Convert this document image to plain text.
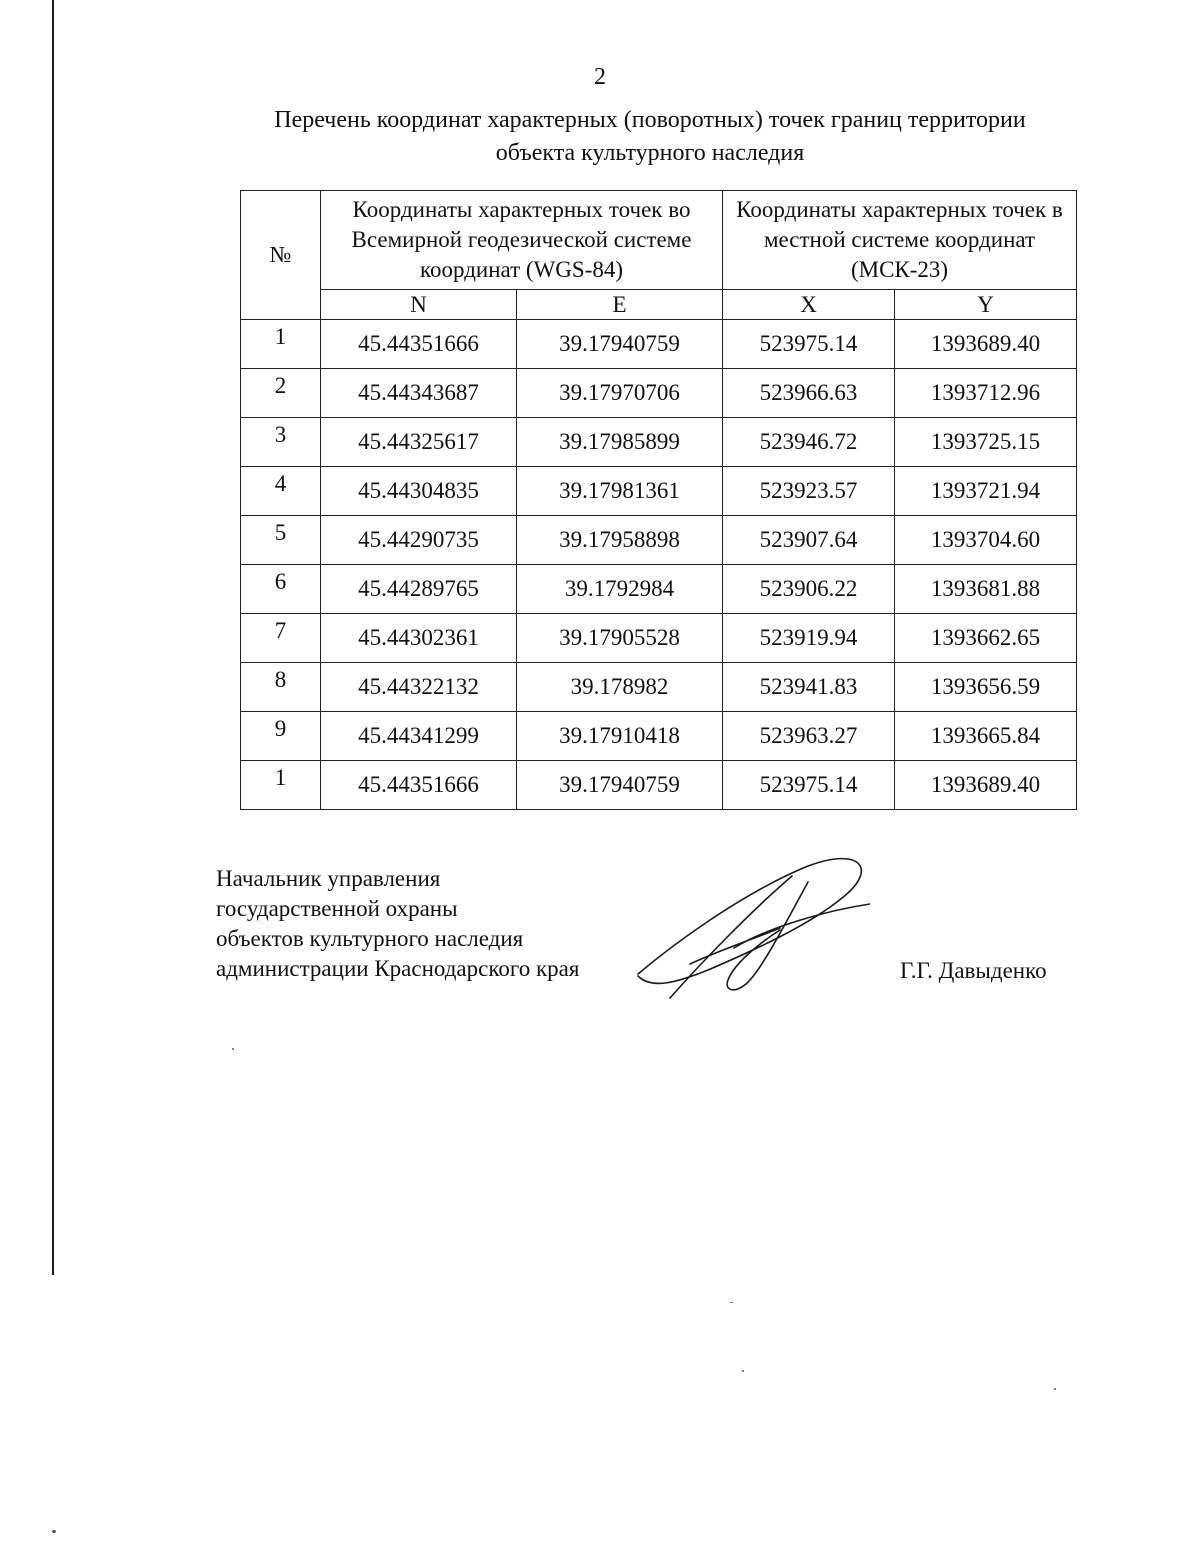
2
Перечень координат характерных (поворотных) точек границ территории
объекта культурного наследия
№	Координаты характерных точек во Всемирной геодезической системе координат (WGS-84)		Координаты характерных точек в местной системе координат (МСК-23)	
	N	E	X	Y
1	45.44351666	39.17940759	523975.14	1393689.40
2	45.44343687	39.17970706	523966.63	1393712.96
3	45.44325617	39.17985899	523946.72	1393725.15
4	45.44304835	39.17981361	523923.57	1393721.94
5	45.44290735	39.17958898	523907.64	1393704.60
6	45.44289765	39.1792984	523906.22	1393681.88
7	45.44302361	39.17905528	523919.94	1393662.65
8	45.44322132	39.178982	523941.83	1393656.59
9	45.44341299	39.17910418	523963.27	1393665.84
1	45.44351666	39.17940759	523975.14	1393689.40
Начальник управления
государственной охраны
объектов культурного наследия
администрации Краснодарского края	Г.Г. Давыденко
